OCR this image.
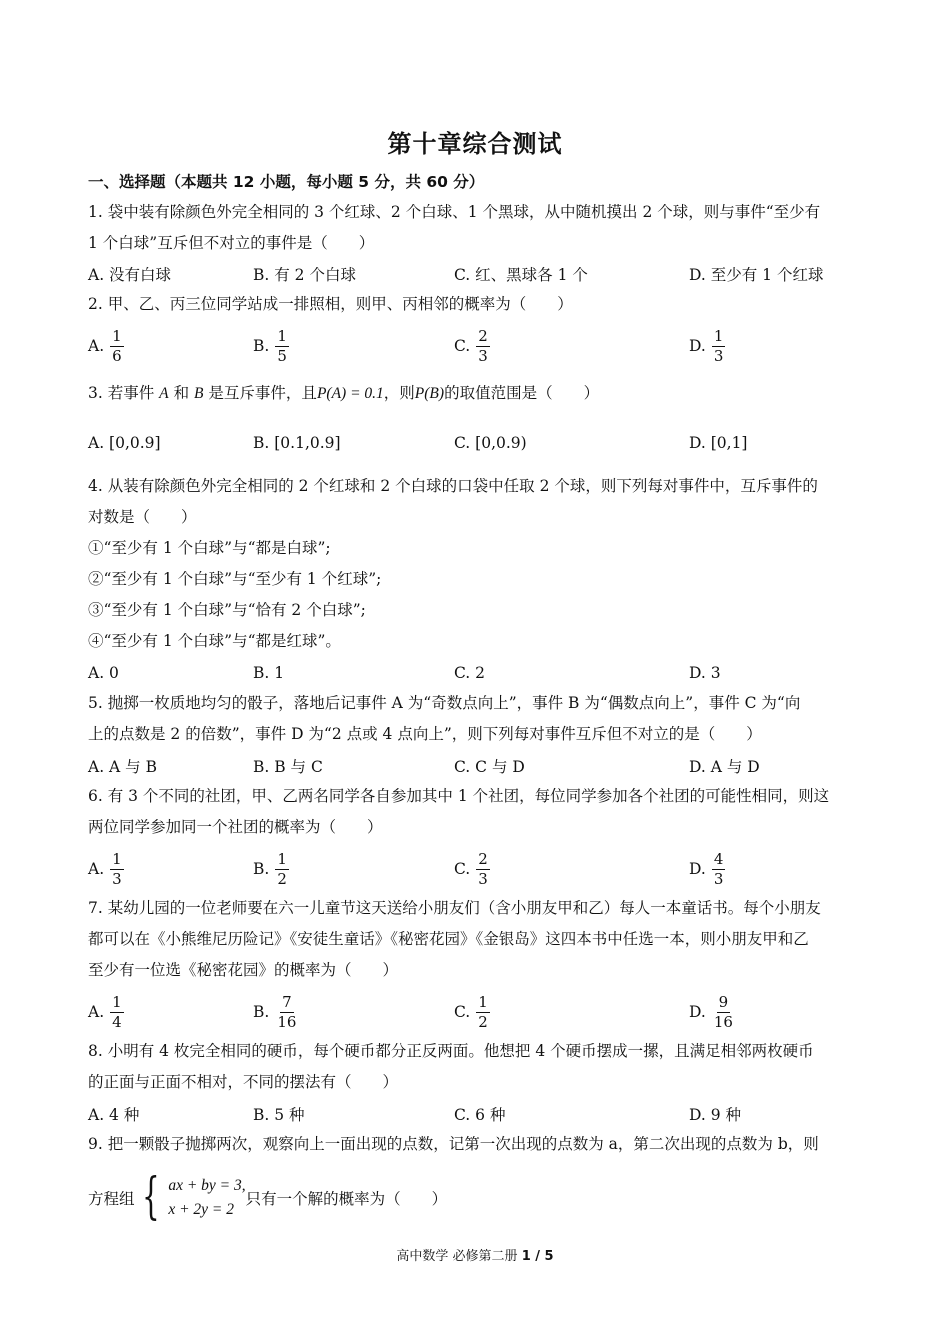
第十章综合测试
一、选择题（本题共 12 小题，每小题 5 分，共 60 分）
1. 袋中装有除颜色外完全相同的 3 个红球、2 个白球、1 个黑球，从中随机摸出 2 个球，则与事件“至少有
1 个白球”互斥但不对立的事件是（　　）
A. 没有白球	B. 有 2 个白球	C. 红、黑球各 1 个	D. 至少有 1 个红球
2. 甲、乙、丙三位同学站成一排照相，则甲、丙相邻的概率为（　　）
A. $\frac{1}{6}$	B. $\frac{1}{5}$	C. $\frac{2}{3}$	D. $\frac{1}{3}$
3. 若事件 A 和 B 是互斥事件，且P(A) = 0.1，则P(B)的取值范围是（　　）
A. [0,0.9]	B. [0.1,0.9]	C. [0,0.9)	D. [0,1]
4. 从装有除颜色外完全相同的 2 个红球和 2 个白球的口袋中任取 2 个球，则下列每对事件中，互斥事件的
对数是（　　）
①“至少有 1 个白球”与“都是白球”;
②“至少有 1 个白球”与“至少有 1 个红球”;
③“至少有 1 个白球”与“恰有 2 个白球”;
④“至少有 1 个白球”与“都是红球”。
A. 0	B. 1	C. 2	D. 3
5. 抛掷一枚质地均匀的骰子，落地后记事件 A 为“奇数点向上”，事件 B 为“偶数点向上”，事件 C 为“向
上的点数是 2 的倍数”，事件 D 为“2 点或 4 点向上”，则下列每对事件互斥但不对立的是（　　）
A. A 与 B	B. B 与 C	C. C 与 D	D. A 与 D
6. 有 3 个不同的社团，甲、乙两名同学各自参加其中 1 个社团，每位同学参加各个社团的可能性相同，则这
两位同学参加同一个社团的概率为（　　）
A. $\frac{1}{3}$	B. $\frac{1}{2}$	C. $\frac{2}{3}$	D. $\frac{4}{3}$
7. 某幼儿园的一位老师要在六一儿童节这天送给小朋友们（含小朋友甲和乙）每人一本童话书。每个小朋友
都可以在《小熊维尼历险记》《安徒生童话》《秘密花园》《金银岛》这四本书中任选一本，则小朋友甲和乙
至少有一位选《秘密花园》的概率为（　　）
A. $\frac{1}{4}$	B. $\frac{7}{16}$	C. $\frac{1}{2}$	D. $\frac{9}{16}$
8. 小明有 4 枚完全相同的硬币，每个硬币都分正反两面。他想把 4 个硬币摆成一摞，且满足相邻两枚硬币
的正面与正面不相对，不同的摆法有（　　）
A. 4 种	B. 5 种	C. 6 种	D. 9 种
9. 把一颗骰子抛掷两次，观察向上一面出现的点数，记第一次出现的点数为 a，第二次出现的点数为 b，则
方程组 { ax + by = 3,
x + 2y = 2
只有一个解的概率为（　　）
高中数学 必修第二册 1 / 5
